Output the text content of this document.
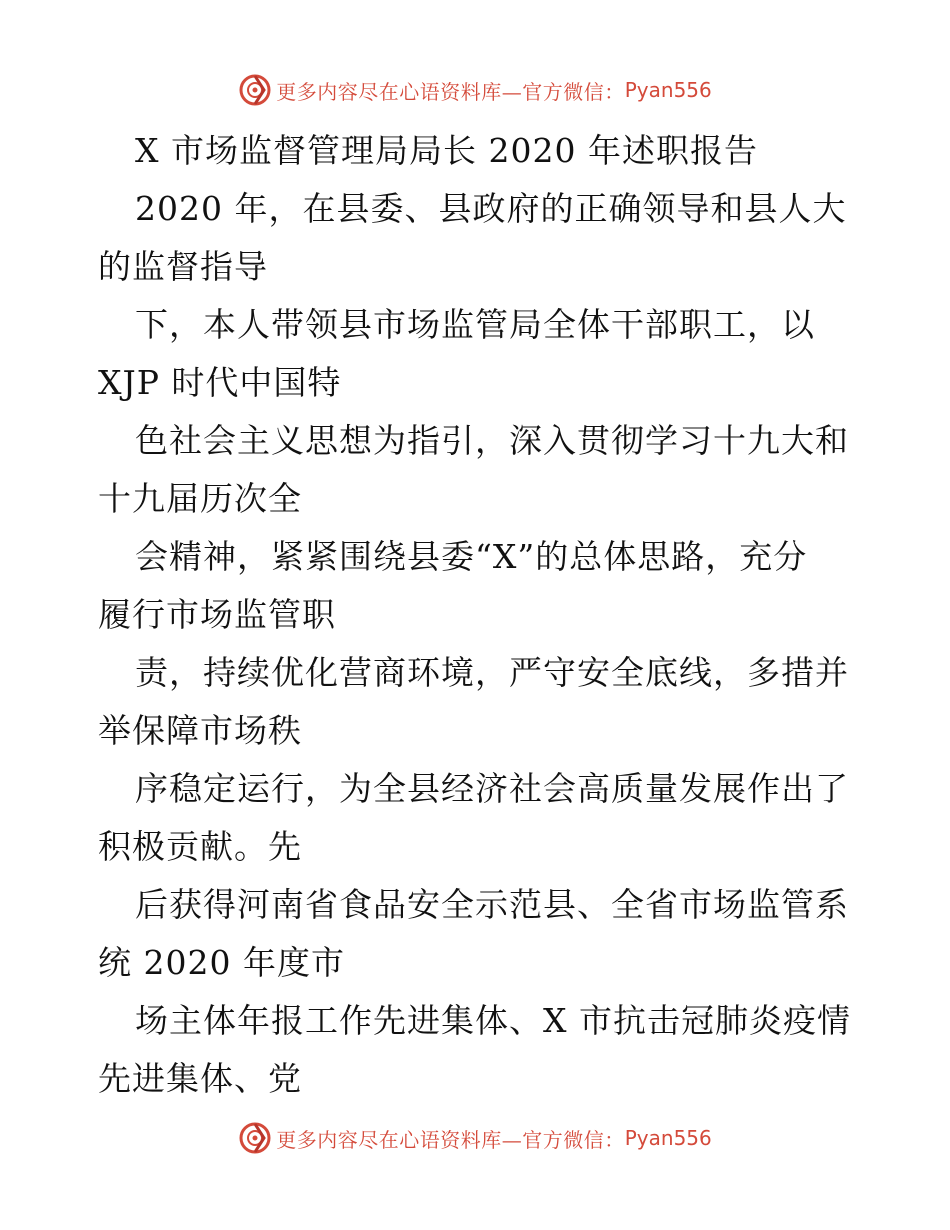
更多内容尽在心语资料库—官方微信： Pyan556
X 市场监督管理局局长 2020 年述职报告
2020 年，在县委、县政府的正确领导和县人大
的监督指导
下，本人带领县市场监管局全体干部职工，以
XJP 时代中国特
色社会主义思想为指引，深入贯彻学习十九大和
十九届历次全
会精神，紧紧围绕县委“X”的总体思路，充分
履行市场监管职
责，持续优化营商环境，严守安全底线，多措并
举保障市场秩
序稳定运行，为全县经济社会高质量发展作出了
积极贡献。先
后获得河南省食品安全示范县、全省市场监管系
统 2020 年度市
场主体年报工作先进集体、X 市抗击冠肺炎疫情
先进集体、党
更多内容尽在心语资料库—官方微信： Pyan556
